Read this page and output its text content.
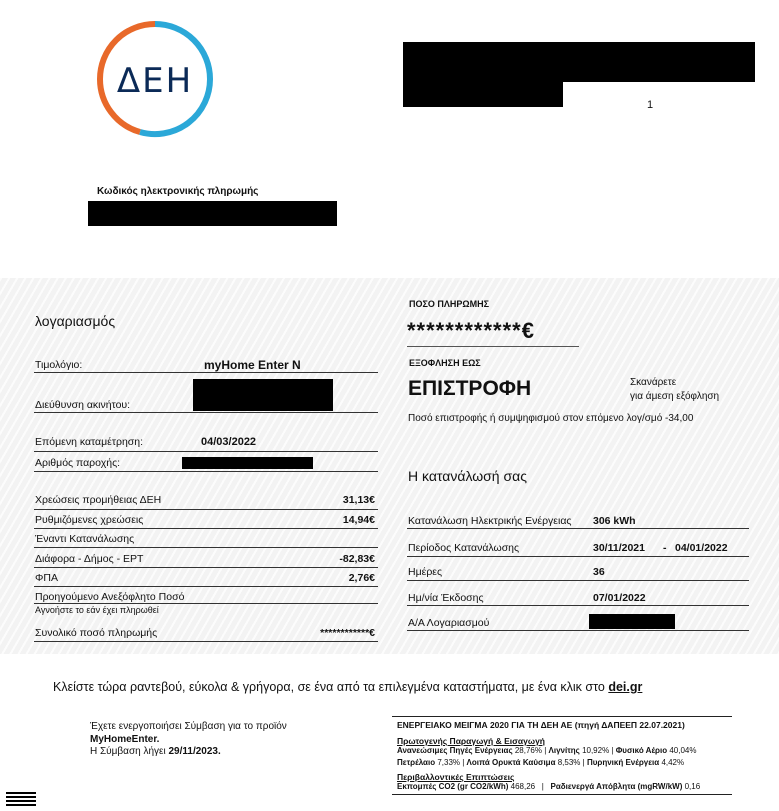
ΔΕΗ
1
Κωδικός ηλεκτρονικής πληρωμής
λογαριασμός
Τιμολόγιο:	myHome Enter N
Διεύθυνση ακινήτου:
Επόμενη καταμέτρηση:	04/03/2022
Αριθμός παροχής:
Χρεώσεις προμήθειας ΔΕΗ	31,13€
Ρυθμιζόμενες χρεώσεις	14,94€
Έναντι Κατανάλωσης
Διάφορα - Δήμος - ΕΡΤ	-82,83€
ΦΠΑ	2,76€
Προηγούμενο Ανεξόφλητο Ποσό
Αγνοήστε το εάν έχει πληρωθεί
Συνολικό ποσό πληρωμής	************€
ΠΟΣΟ ΠΛΗΡΩΜΗΣ
************€
ΕΞΟΦΛΗΣΗ ΕΩΣ
ΕΠΙΣΤΡΟΦΗ	Σκανάρετε
για άμεση εξόφληση
Ποσό επιστροφής ή συμψηφισμού στον επόμενο λογ/σμό -34,00
Η κατανάλωσή σας
Κατανάλωση Ηλεκτρικής Ενέργειας 306 kWh
Περίοδος Κατανάλωσης	30/11/2021 - 04/01/2022
Ημέρες	36
Ημ/νία Έκδοσης	07/01/2022
Α/Α Λογαριασμού
Κλείστε τώρα ραντεβού, εύκολα & γρήγορα, σε ένα από τα επιλεγμένα καταστήματα, με ένα κλικ στο dei.gr
Έχετε ενεργοποιήσει Σύμβαση για το προϊόν
MyHomeEnter.
Η Σύμβαση λήγει 29/11/2023.
ΕΝΕΡΓΕΙΑΚΟ ΜΕΙΓΜΑ 2020 ΓΙΑ ΤΗ ΔΕΗ ΑΕ (πηγή ΔΑΠΕΕΠ 22.07.2021)
Πρωτογενής Παραγωγή & Εισαγωγή
Ανανεώσιμες Πηγές Ενέργειας 28,76% | Λιγνίτης 10,92% | Φυσικό Αέριο 40,04%
Πετρέλαιο 7,33% | Λοιπά Ορυκτά Καύσιμα 8,53% | Πυρηνική Ενέργεια 4,42%
Περιβαλλοντικές Επιπτώσεις
Εκπομπές CO2 (gr CO2/kWh) 468,26   |   Ραδιενεργά Απόβλητα (mgRW/kW) 0,16
